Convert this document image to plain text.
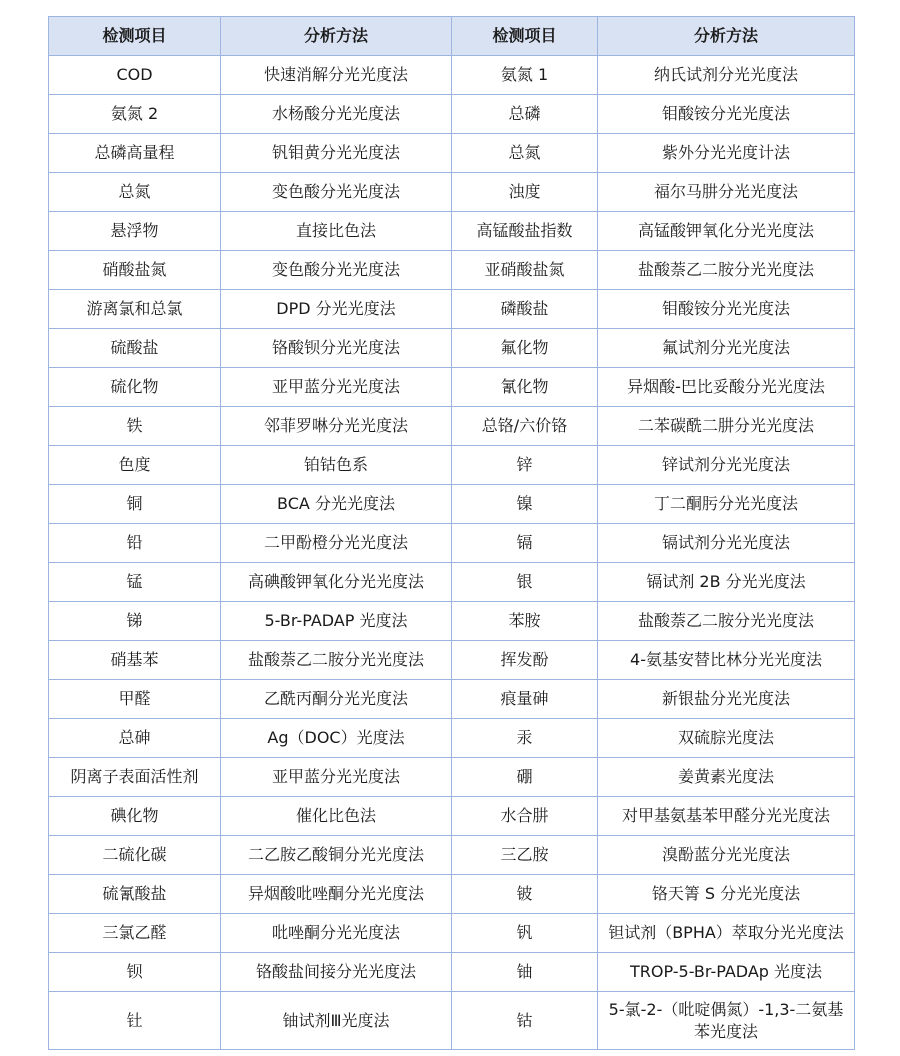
检测项目	分析方法	检测项目	分析方法
COD	快速消解分光光度法	氨氮 1	纳氏试剂分光光度法
氨氮 2	水杨酸分光光度法	总磷	钼酸铵分光光度法
总磷高量程	钒钼黄分光光度法	总氮	紫外分光光度计法
总氮	变色酸分光光度法	浊度	福尔马肼分光光度法
悬浮物	直接比色法	高锰酸盐指数	高锰酸钾氧化分光光度法
硝酸盐氮	变色酸分光光度法	亚硝酸盐氮	盐酸萘乙二胺分光光度法
游离氯和总氯	DPD 分光光度法	磷酸盐	钼酸铵分光光度法
硫酸盐	铬酸钡分光光度法	氟化物	氟试剂分光光度法
硫化物	亚甲蓝分光光度法	氰化物	异烟酸-巴比妥酸分光光度法
铁	邻菲罗啉分光光度法	总铬/六价铬	二苯碳酰二肼分光光度法
色度	铂钴色系	锌	锌试剂分光光度法
铜	BCA 分光光度法	镍	丁二酮肟分光光度法
铅	二甲酚橙分光光度法	镉	镉试剂分光光度法
锰	高碘酸钾氧化分光光度法	银	镉试剂 2B 分光光度法
锑	5-Br-PADAP 光度法	苯胺	盐酸萘乙二胺分光光度法
硝基苯	盐酸萘乙二胺分光光度法	挥发酚	4-氨基安替比林分光光度法
甲醛	乙酰丙酮分光光度法	痕量砷	新银盐分光光度法
总砷	Ag（DOC）光度法	汞	双硫腙光度法
阴离子表面活性剂	亚甲蓝分光光度法	硼	姜黄素光度法
碘化物	催化比色法	水合肼	对甲基氨基苯甲醛分光光度法
二硫化碳	二乙胺乙酸铜分光光度法	三乙胺	溴酚蓝分光光度法
硫氰酸盐	异烟酸吡唑酮分光光度法	铍	铬天箐 S 分光光度法
三氯乙醛	吡唑酮分光光度法	钒	钽试剂（BPHA）萃取分光光度法
钡	铬酸盐间接分光光度法	铀	TROP-5-Br-PADAp 光度法
钍	铀试剂Ⅲ光度法	钴	5-氯-2-（吡啶偶氮）-1,3-二氨基苯光度法
